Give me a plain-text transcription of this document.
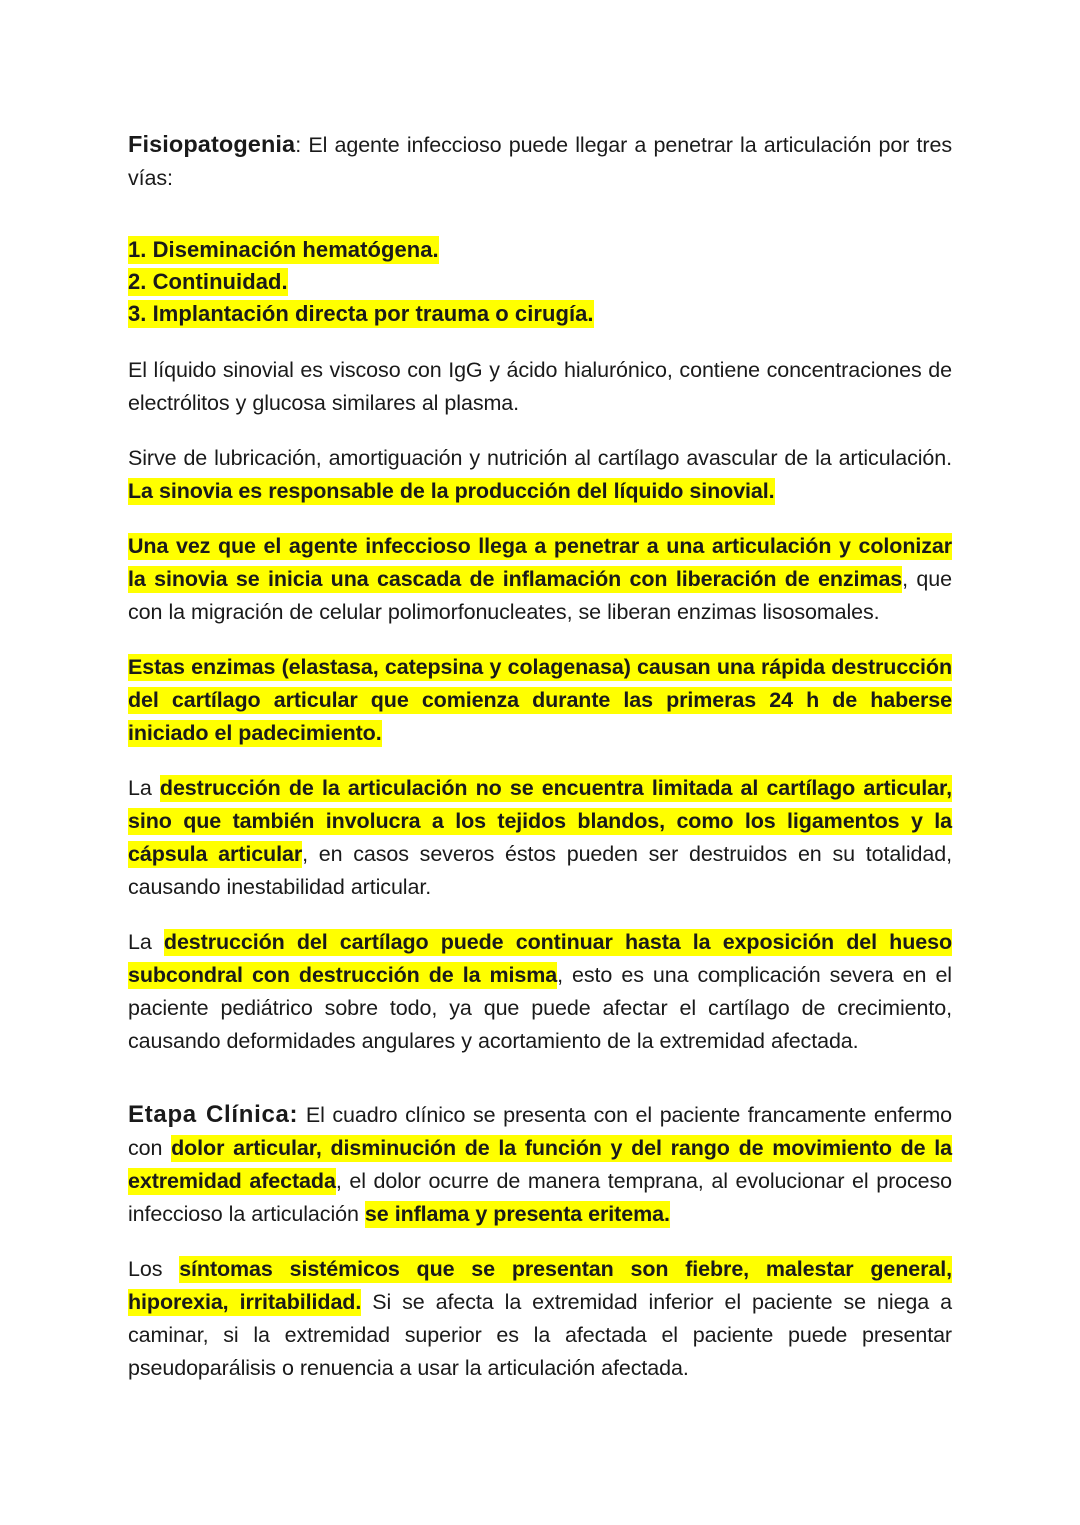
Fisiopatogenia: El agente infeccioso puede llegar a penetrar la articulación por tres vías:

1. Diseminación hematógena.
2. Continuidad.
3. Implantación directa por trauma o cirugía.

El líquido sinovial es viscoso con IgG y ácido hialurónico, contiene concentraciones de electrólitos y glucosa similares al plasma.

Sirve de lubricación, amortiguación y nutrición al cartílago avascular de la articulación. La sinovia es responsable de la producción del líquido sinovial.

Una vez que el agente infeccioso llega a penetrar a una articulación y colonizar la sinovia se inicia una cascada de inflamación con liberación de enzimas, que con la migración de celular polimorfonucleates, se liberan enzimas lisosomales.

Estas enzimas (elastasa, catepsina y colagenasa) causan una rápida destrucción del cartílago articular que comienza durante las primeras 24 h de haberse iniciado el padecimiento.

La destrucción de la articulación no se encuentra limitada al cartílago articular, sino que también involucra a los tejidos blandos, como los ligamentos y la cápsula articular, en casos severos éstos pueden ser destruidos en su totalidad, causando inestabilidad articular.

La destrucción del cartílago puede continuar hasta la exposición del hueso subcondral con destrucción de la misma, esto es una complicación severa en el paciente pediátrico sobre todo, ya que puede afectar el cartílago de crecimiento, causando deformidades angulares y acortamiento de la extremidad afectada.

Etapa Clínica: El cuadro clínico se presenta con el paciente francamente enfermo con dolor articular, disminución de la función y del rango de movimiento de la extremidad afectada, el dolor ocurre de manera temprana, al evolucionar el proceso infeccioso la articulación se inflama y presenta eritema.

Los síntomas sistémicos que se presentan son fiebre, malestar general, hiporexia, irritabilidad. Si se afecta la extremidad inferior el paciente se niega a caminar, si la extremidad superior es la afectada el paciente puede presentar pseudoparálisis o renuencia a usar la articulación afectada.
